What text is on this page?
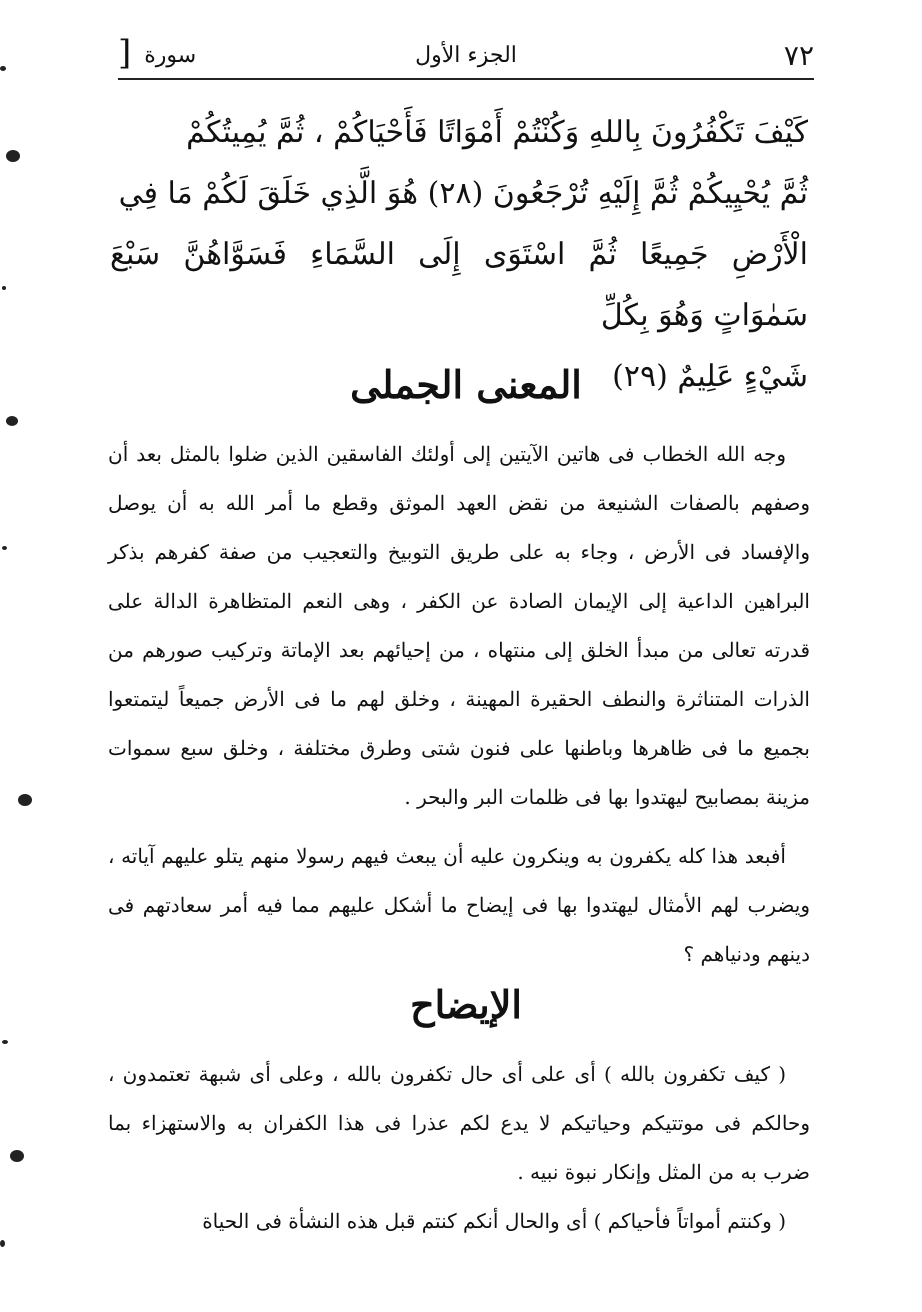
٧٢
الجزء الأول
سورة [
كَيْفَ تَكْفُرُونَ بِاللهِ وَكُنْتُمْ أَمْوَاتًا فَأَحْيَاكُمْ ، ثُمَّ يُمِيتُكُمْ
ثُمَّ يُحْيِيكُمْ ثُمَّ إِلَيْهِ تُرْجَعُونَ (٢٨) هُوَ الَّذِي خَلَقَ لَكُمْ مَا فِي
الْأَرْضِ جَمِيعًا ثُمَّ اسْتَوَى إِلَى السَّمَاءِ فَسَوَّاهُنَّ سَبْعَ سَمٰوَاتٍ وَهُوَ بِكُلِّ
شَيْءٍ عَلِيمٌ (٢٩)
المعنى الجملى

وجه الله الخطاب فى هاتين الآيتين إلى أولئك الفاسقين الذين ضلوا بالمثل بعد أن وصفهم بالصفات الشنيعة من نقض العهد الموثق وقطع ما أمر الله به أن يوصل والإفساد فى الأرض ، وجاء به على طريق التوبيخ والتعجيب من صفة كفرهم بذكر البراهين الداعية إلى الإيمان الصادة عن الكفر ، وهى النعم المتظاهرة الدالة على قدرته تعالى من مبدأ الخلق إلى منتهاه ، من إحيائهم بعد الإماتة وتركيب صورهم من الذرات المتناثرة والنطف الحقيرة المهينة ، وخلق لهم ما فى الأرض جميعاً ليتمتعوا بجميع ما فى ظاهرها وباطنها على فنون شتى وطرق مختلفة ، وخلق سبع سموات مزينة بمصابيح ليهتدوا بها فى ظلمات البر والبحر .

أفبعد هذا كله يكفرون به وينكرون عليه أن يبعث فيهم رسولا منهم يتلو عليهم آياته ، ويضرب لهم الأمثال ليهتدوا بها فى إيضاح ما أشكل عليهم مما فيه أمر سعادتهم فى دينهم ودنياهم ؟

الإيضاح

( كيف تكفرون بالله ) أى على أى حال تكفرون بالله ، وعلى أى شبهة تعتمدون ، وحالكم فى موتتيكم وحياتيكم لا يدع لكم عذرا فى هذا الكفران به والاستهزاء بما ضرب به من المثل وإنكار نبوة نبيه .

( وكنتم أمواتاً فأحياكم ) أى والحال أنكم كنتم قبل هذه النشأة فى الحياة
